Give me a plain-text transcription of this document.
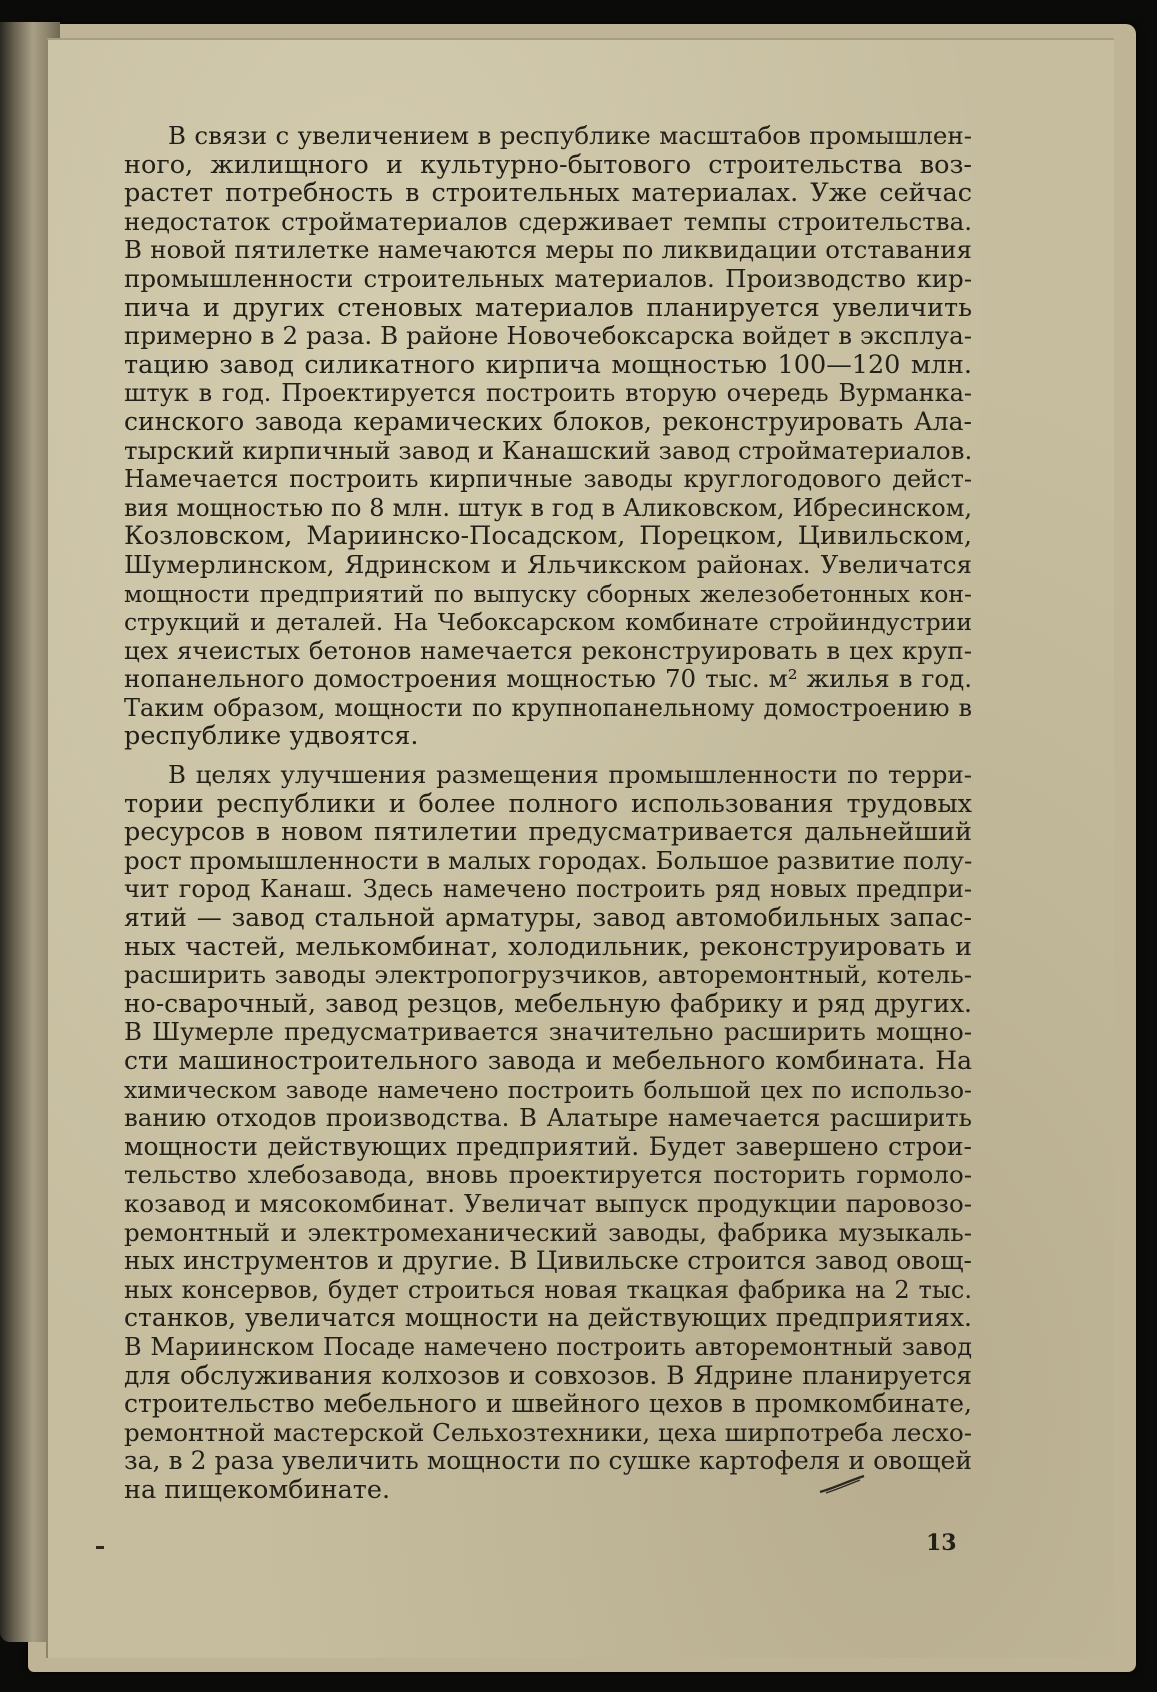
В связи с увеличением в республике масштабов промышлен-
ного, жилищного и культурно-бытового строительства воз-
растет потребность в строительных материалах. Уже сейчас
недостаток стройматериалов сдерживает темпы строительства.
В новой пятилетке намечаются меры по ликвидации отставания
промышленности строительных материалов. Производство кир-
пича и других стеновых материалов планируется увеличить
примерно в 2 раза. В районе Новочебоксарска войдет в эксплуа-
тацию завод силикатного кирпича мощностью 100—120 млн.
штук в год. Проектируется построить вторую очередь Вурманка-
синского завода керамических блоков, реконструировать Ала-
тырский кирпичный завод и Канашский завод стройматериалов.
Намечается построить кирпичные заводы круглогодового дейст-
вия мощностью по 8 млн. штук в год в Аликовском, Ибресинском,
Козловском, Мариинско-Посадском, Порецком, Цивильском,
Шумерлинском, Ядринском и Яльчикском районах. Увеличатся
мощности предприятий по выпуску сборных железобетонных кон-
струкций и деталей. На Чебоксарском комбинате стройиндустрии
цех ячеистых бетонов намечается реконструировать в цех круп-
нопанельного домостроения мощностью 70 тыс. м² жилья в год.
Таким образом, мощности по крупнопанельному домостроению в
республике удвоятся.
В целях улучшения размещения промышленности по терри-
тории республики и более полного использования трудовых
ресурсов в новом пятилетии предусматривается дальнейший
рост промышленности в малых городах. Большое развитие полу-
чит город Канаш. Здесь намечено построить ряд новых предпри-
ятий — завод стальной арматуры, завод автомобильных запас-
ных частей, мелькомбинат, холодильник, реконструировать и
расширить заводы электропогрузчиков, авторемонтный, котель-
но-сварочный, завод резцов, мебельную фабрику и ряд других.
В Шумерле предусматривается значительно расширить мощно-
сти машиностроительного завода и мебельного комбината. На
химическом заводе намечено построить большой цех по использо-
ванию отходов производства. В Алатыре намечается расширить
мощности действующих предприятий. Будет завершено строи-
тельство хлебозавода, вновь проектируется посторить гормоло-
козавод и мясокомбинат. Увеличат выпуск продукции паровозо-
ремонтный и электромеханический заводы, фабрика музыкаль-
ных инструментов и другие. В Цивильске строится завод овощ-
ных консервов, будет строиться новая ткацкая фабрика на 2 тыс.
станков, увеличатся мощности на действующих предприятиях.
В Мариинском Посаде намечено построить авторемонтный завод
для обслуживания колхозов и совхозов. В Ядрине планируется
строительство мебельного и швейного цехов в промкомбинате,
ремонтной мастерской Сельхозтехники, цеха ширпотреба лесхо-
за, в 2 раза увеличить мощности по сушке картофеля и овощей
на пищекомбинате.
13
